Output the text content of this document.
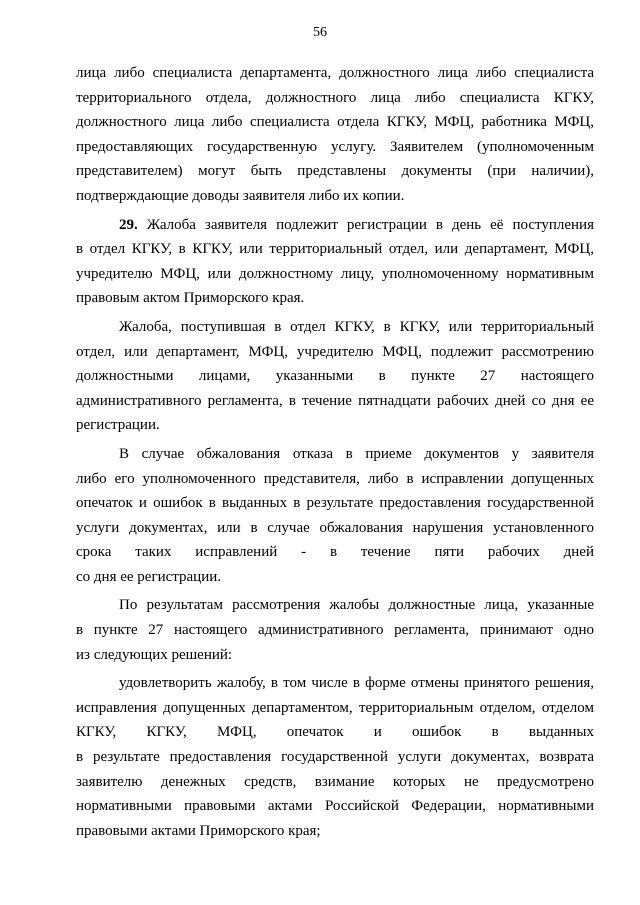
56

лица либо специалиста департамента, должностного лица либо специалиста
территориального отдела, должностного лица либо специалиста КГКУ,
должностного лица либо специалиста отдела КГКУ, МФЦ, работника МФЦ,
предоставляющих государственную услугу. Заявителем (уполномоченным
представителем) могут быть представлены документы (при наличии),
подтверждающие доводы заявителя либо их копии.

29. Жалоба заявителя подлежит регистрации в день её поступления
в отдел КГКУ, в КГКУ, или территориальный отдел, или департамент, МФЦ,
учредителю МФЦ, или должностному лицу, уполномоченному нормативным
правовым актом Приморского края.

Жалоба, поступившая в отдел КГКУ, в КГКУ, или территориальный
отдел, или департамент, МФЦ, учредителю МФЦ, подлежит рассмотрению
должностными лицами, указанными в пункте 27 настоящего
административного регламента, в течение пятнадцати рабочих дней со дня ее
регистрации.

В случае обжалования отказа в приеме документов у заявителя
либо его уполномоченного представителя, либо в исправлении допущенных
опечаток и ошибок в выданных в результате предоставления государственной
услуги документах, или в случае обжалования нарушения установленного
срока таких исправлений - в течение пяти рабочих дней
со дня ее регистрации.

По результатам рассмотрения жалобы должностные лица, указанные
в пункте 27 настоящего административного регламента, принимают одно
из следующих решений:

удовлетворить жалобу, в том числе в форме отмены принятого решения,
исправления допущенных департаментом, территориальным отделом, отделом
КГКУ, КГКУ, МФЦ, опечаток и ошибок в выданных
в результате предоставления государственной услуги документах, возврата
заявителю денежных средств, взимание которых не предусмотрено
нормативными правовыми актами Российской Федерации, нормативными
правовыми актами Приморского края;
